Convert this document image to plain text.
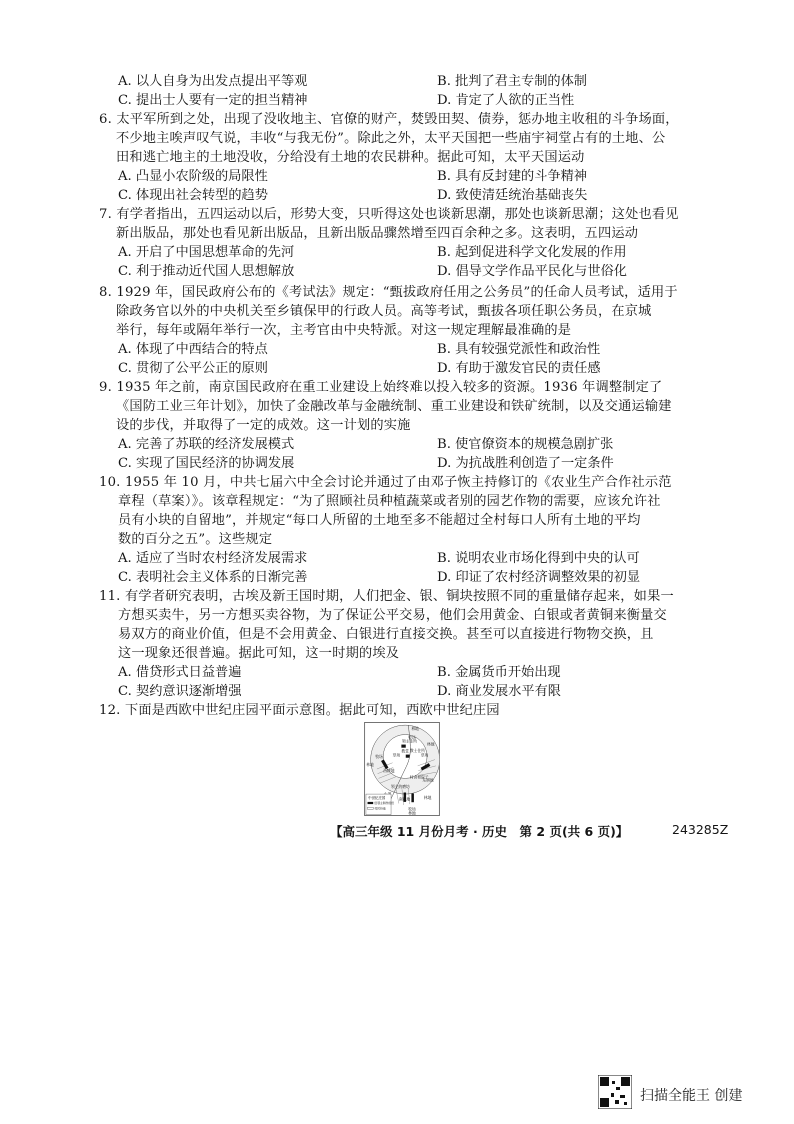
A. 以人自身为出发点提出平等观	B. 批判了君主专制的体制
C. 提出士人要有一定的担当精神	D. 肯定了人欲的正当性
6. 太平军所到之处，出现了没收地主、官僚的财产，焚毁田契、债券，惩办地主收租的斗争场面，
不少地主唉声叹气说，丰收“与我无份”。除此之外，太平天国把一些庙宇祠堂占有的土地、公
田和逃亡地主的土地没收，分给没有土地的农民耕种。据此可知，太平天国运动
A. 凸显小农阶级的局限性	B. 具有反封建的斗争精神
C. 体现出社会转型的趋势	D. 致使清廷统治基础丧失
7. 有学者指出，五四运动以后，形势大变，只听得这处也谈新思潮，那处也谈新思潮；这处也看见
新出版品，那处也看见新出版品，且新出版品骤然增至四百余种之多。这表明，五四运动
A. 开启了中国思想革命的先河	B. 起到促进科学文化发展的作用
C. 利于推动近代国人思想解放	D. 倡导文学作品平民化与世俗化
8. 1929 年，国民政府公布的《考试法》规定：“甄拔政府任用之公务员”的任命人员考试，适用于
除政务官以外的中央机关至乡镇保甲的行政人员。高等考试，甄拔各项任职公务员，在京城
举行，每年或隔年举行一次，主考官由中央特派。对这一规定理解最准确的是
A. 体现了中西结合的特点	B. 具有较强党派性和政治性
C. 贯彻了公平公正的原则	D. 有助于激发官民的责任感
9. 1935 年之前，南京国民政府在重工业建设上始终难以投入较多的资源。1936 年调整制定了
《国防工业三年计划》，加快了金融改革与金融统制、重工业建设和铁矿统制，以及交通运输建
设的步伐，并取得了一定的成效。这一计划的实施
A. 完善了苏联的经济发展模式	B. 使官僚资本的规模急剧扩张
C. 实现了国民经济的协调发展	D. 为抗战胜利创造了一定条件
10. 1955 年 10 月，中共七届六中全会讨论并通过了由邓子恢主持修订的《农业生产合作社示范
章程（草案）》。该章程规定：“为了照顾社员种植蔬菜或者别的园艺作物的需要，应该允许社
员有小块的自留地”，并规定“每口人所留的土地至多不能超过全村每口人所有土地的平均
数的百分之五”。这些规定
A. 适应了当时农村经济发展需求	B. 说明农业市场化得到中央的认可
C. 表明社会主义体系的日渐完善	D. 印证了农村经济调整效果的初显
11. 有学者研究表明，古埃及新王国时期，人们把金、银、铜块按照不同的重量储存起来，如果一
方想买卖牛，另一方想买卖谷物，为了保证公平交易，他们会用黄金、白银或者黄铜来衡量交
易双方的商业价值，但是不会用黄金、白银进行直接交换。甚至可以直接进行物物交换，且
这一现象还很普遍。据此可知，这一时期的埃及
A. 借贷形式日益普遍	B. 金属货币开始出现
C. 契约意识逐渐增强	D. 商业发展水平有限
12. 下面是西欧中世纪庄园平面示意图。据此可知，西欧中世纪庄园
林地
牧场
林地
领主住所
教士住所
教堂
牧场 草场 草场
西耕地
东耕地
村舍和院子
领主的磨坊
南耕地 林地
牧场
林地
林地
中世纪庄园
给领主耕作的田
村民份地
【高三年级 11 月份月考 · 历史　第 2 页(共 6 页)】	243285Z
扫描全能王 创建
